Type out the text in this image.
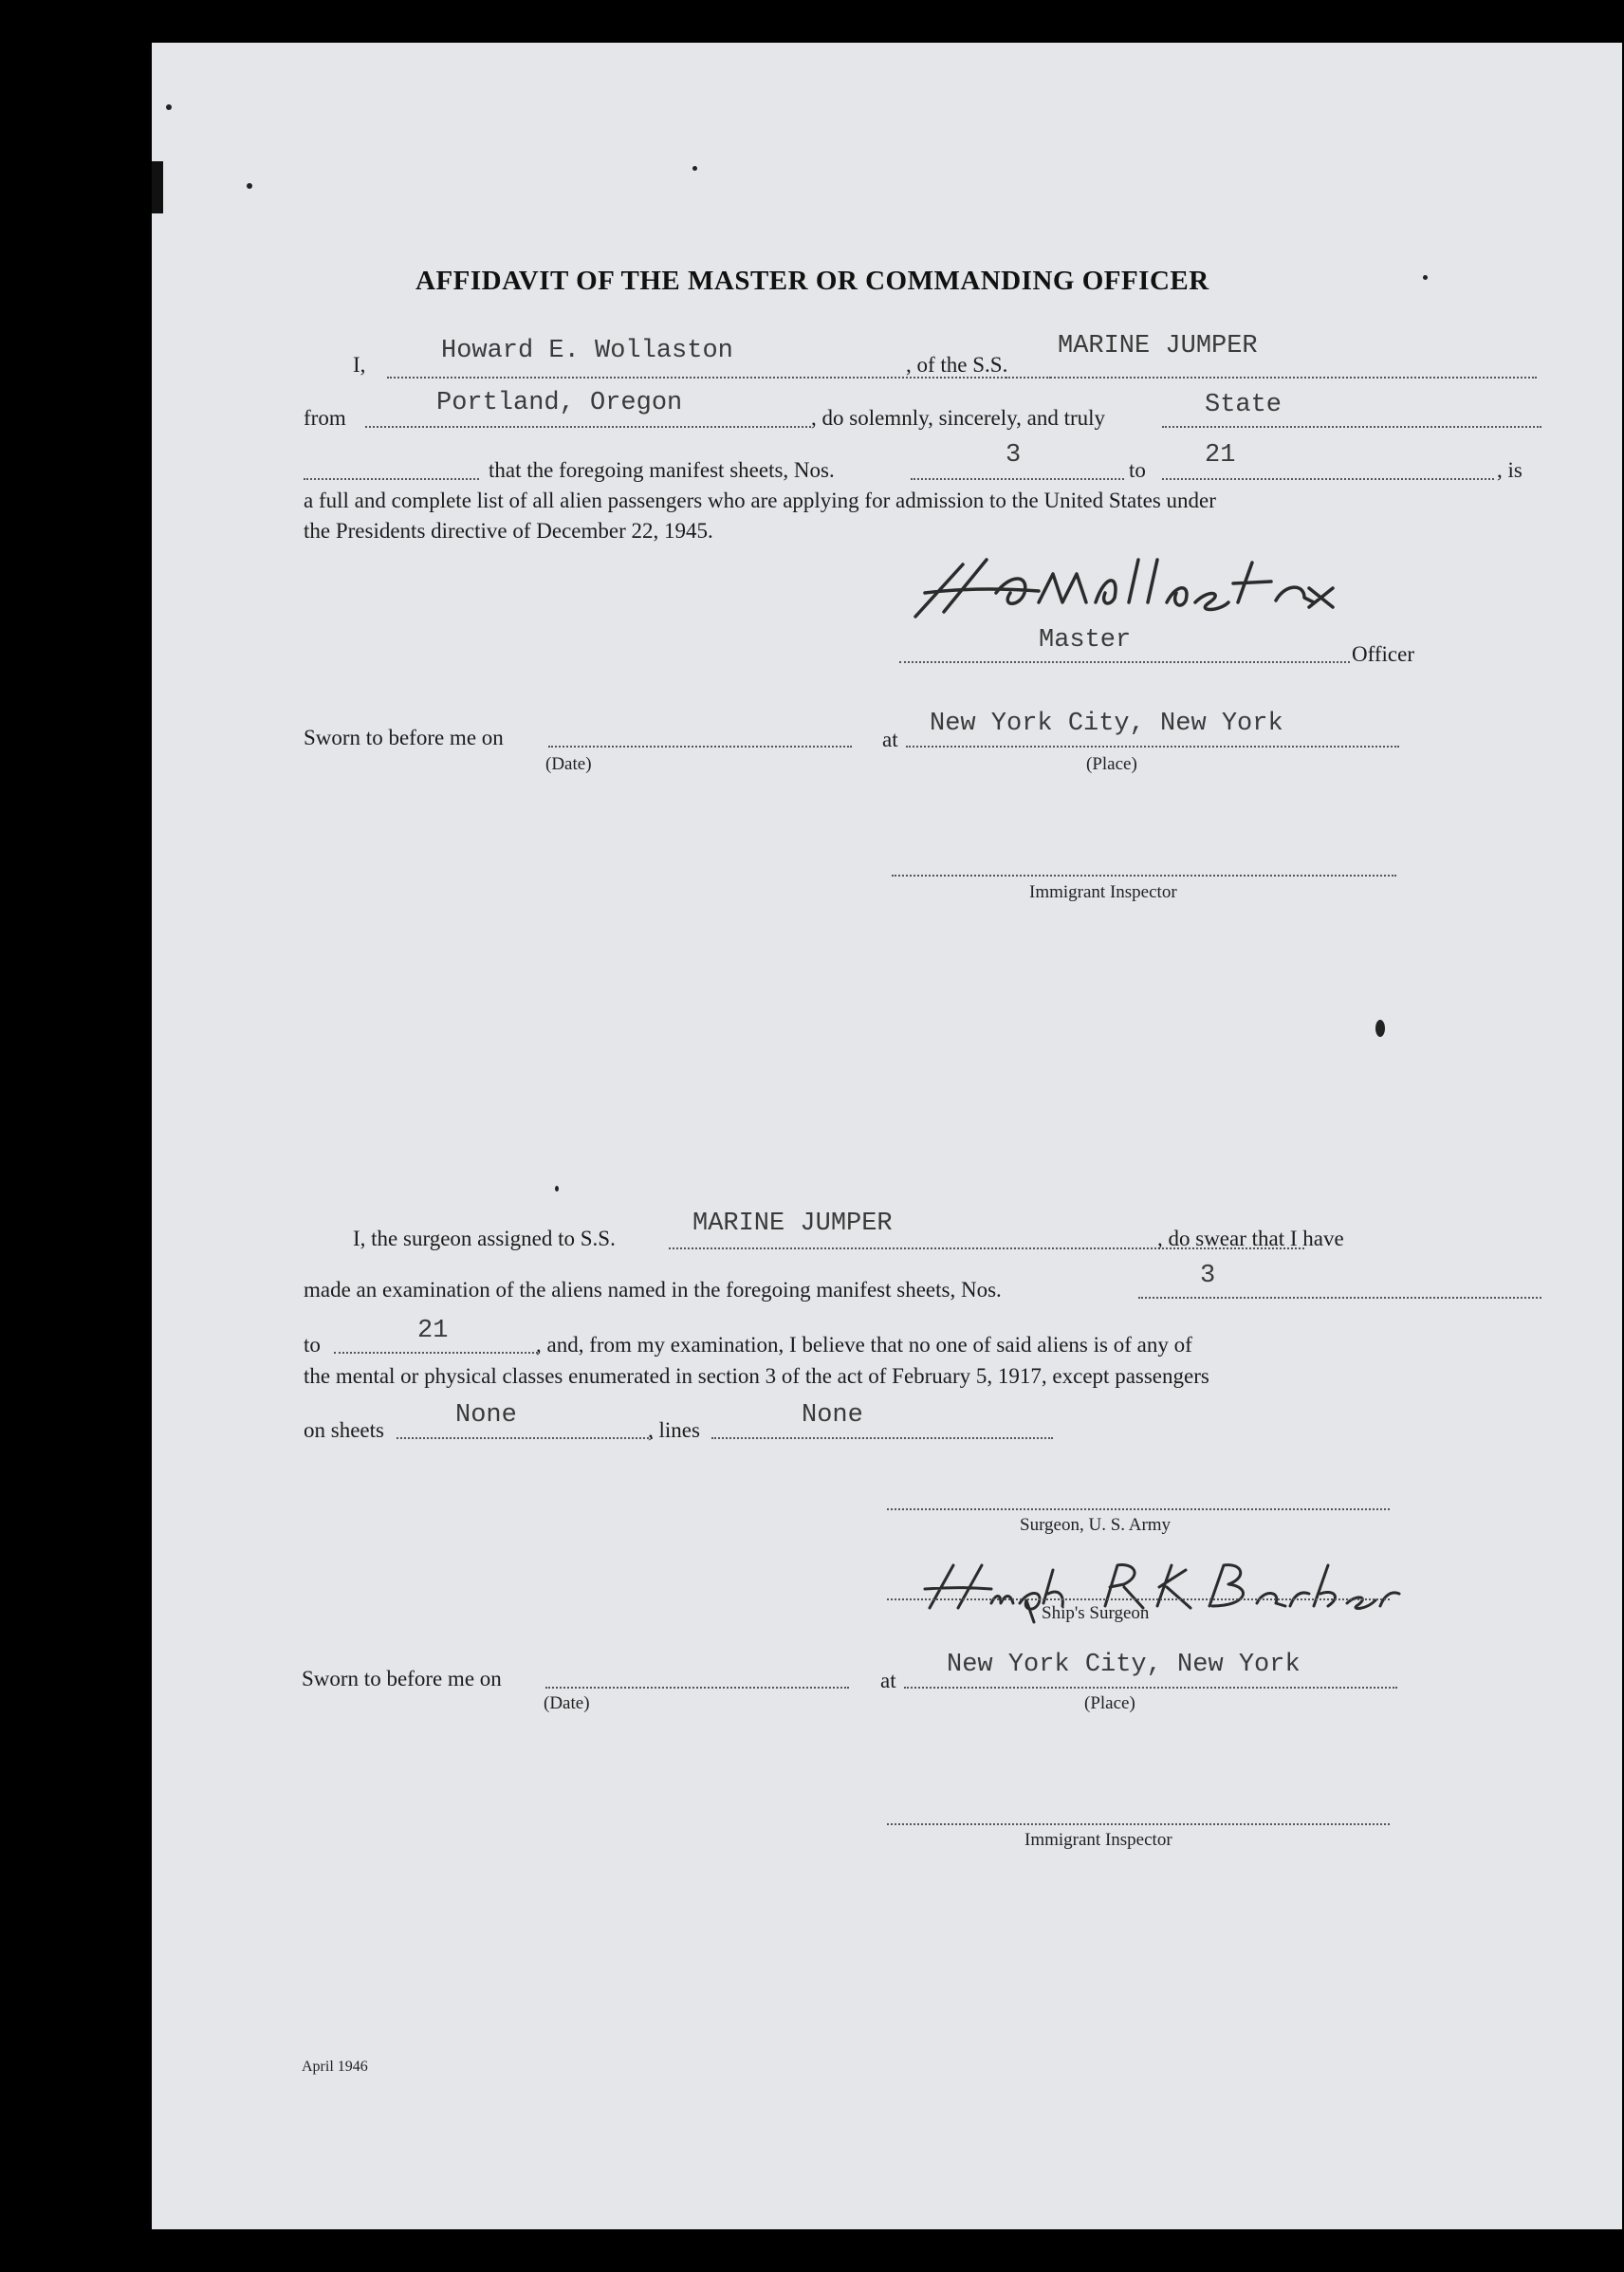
AFFIDAVIT OF THE MASTER OR COMMANDING OFFICER
I,	Howard E. Wollaston	, of the S.S.
MARINE JUMPER
from
Portland, Oregon
, do solemnly, sincerely, and truly	State
that the foregoing manifest sheets, Nos.
3
to
21
, is
a full and complete list of all alien passengers who are applying for admission to the United States under
the Presidents directive of December 22, 1945.
Master	Officer
Sworn to before me on
(Date)
at
New York City, New York
(Place)
Immigrant Inspector
I, the surgeon assigned to S.S.
MARINE JUMPER
, do swear that I have
made an examination of the aliens named in the foregoing manifest sheets, Nos.	3
to	21	, and, from my examination, I believe that no one of said aliens is of any of
the mental or physical classes enumerated in section 3 of the act of February 5, 1917, except passengers
on sheets
None
, lines
None
Surgeon, U. S. Army
Ship's Surgeon
Sworn to before me on
(Date)
at
New York City, New York
(Place)
Immigrant Inspector
April 1946
